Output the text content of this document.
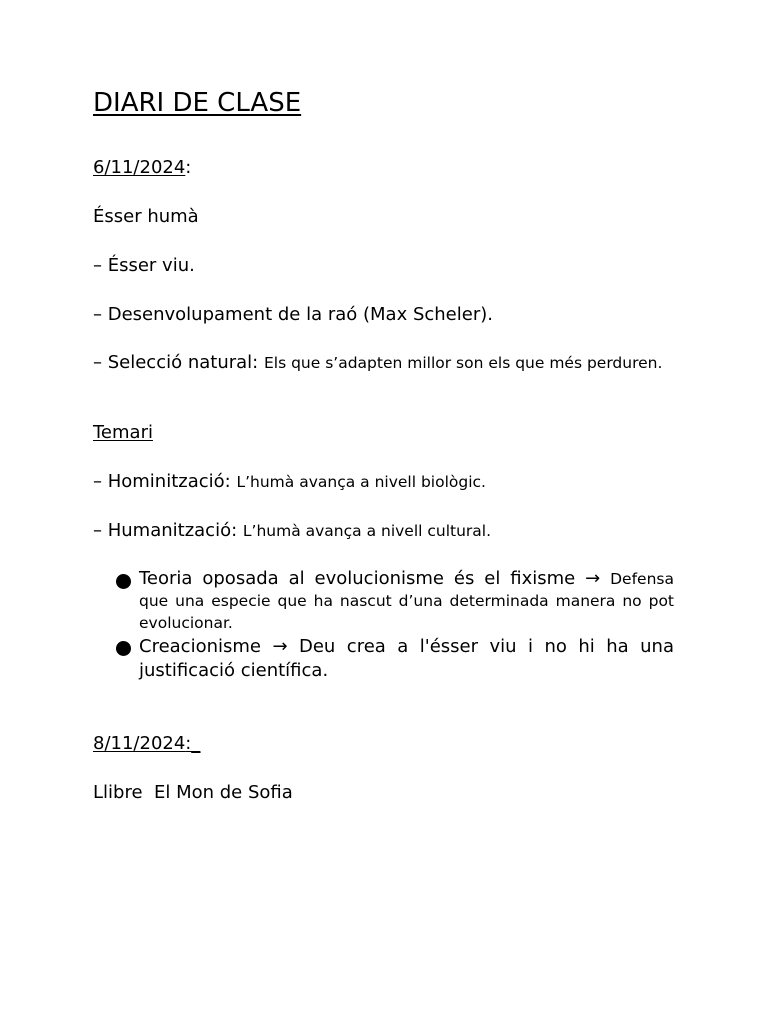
DIARI DE CLASE
6/11/2024:
Ésser humà
– Ésser viu.
– Desenvolupament de la raó (Max Scheler).
– Selecció natural: Els que s’adapten millor son els que més perduren.
Temari
– Hominització: L’humà avança a nivell biològic.
– Humanització: L’humà avança a nivell cultural.
Teoria oposada al evolucionisme és el fixisme → Defensa que una especie que ha nascut d’una determinada manera no pot evolucionar.
Creacionisme → Deu crea a l'ésser viu i no hi ha una justificació científica.
8/11/2024:_
Llibre  El Mon de Sofia
